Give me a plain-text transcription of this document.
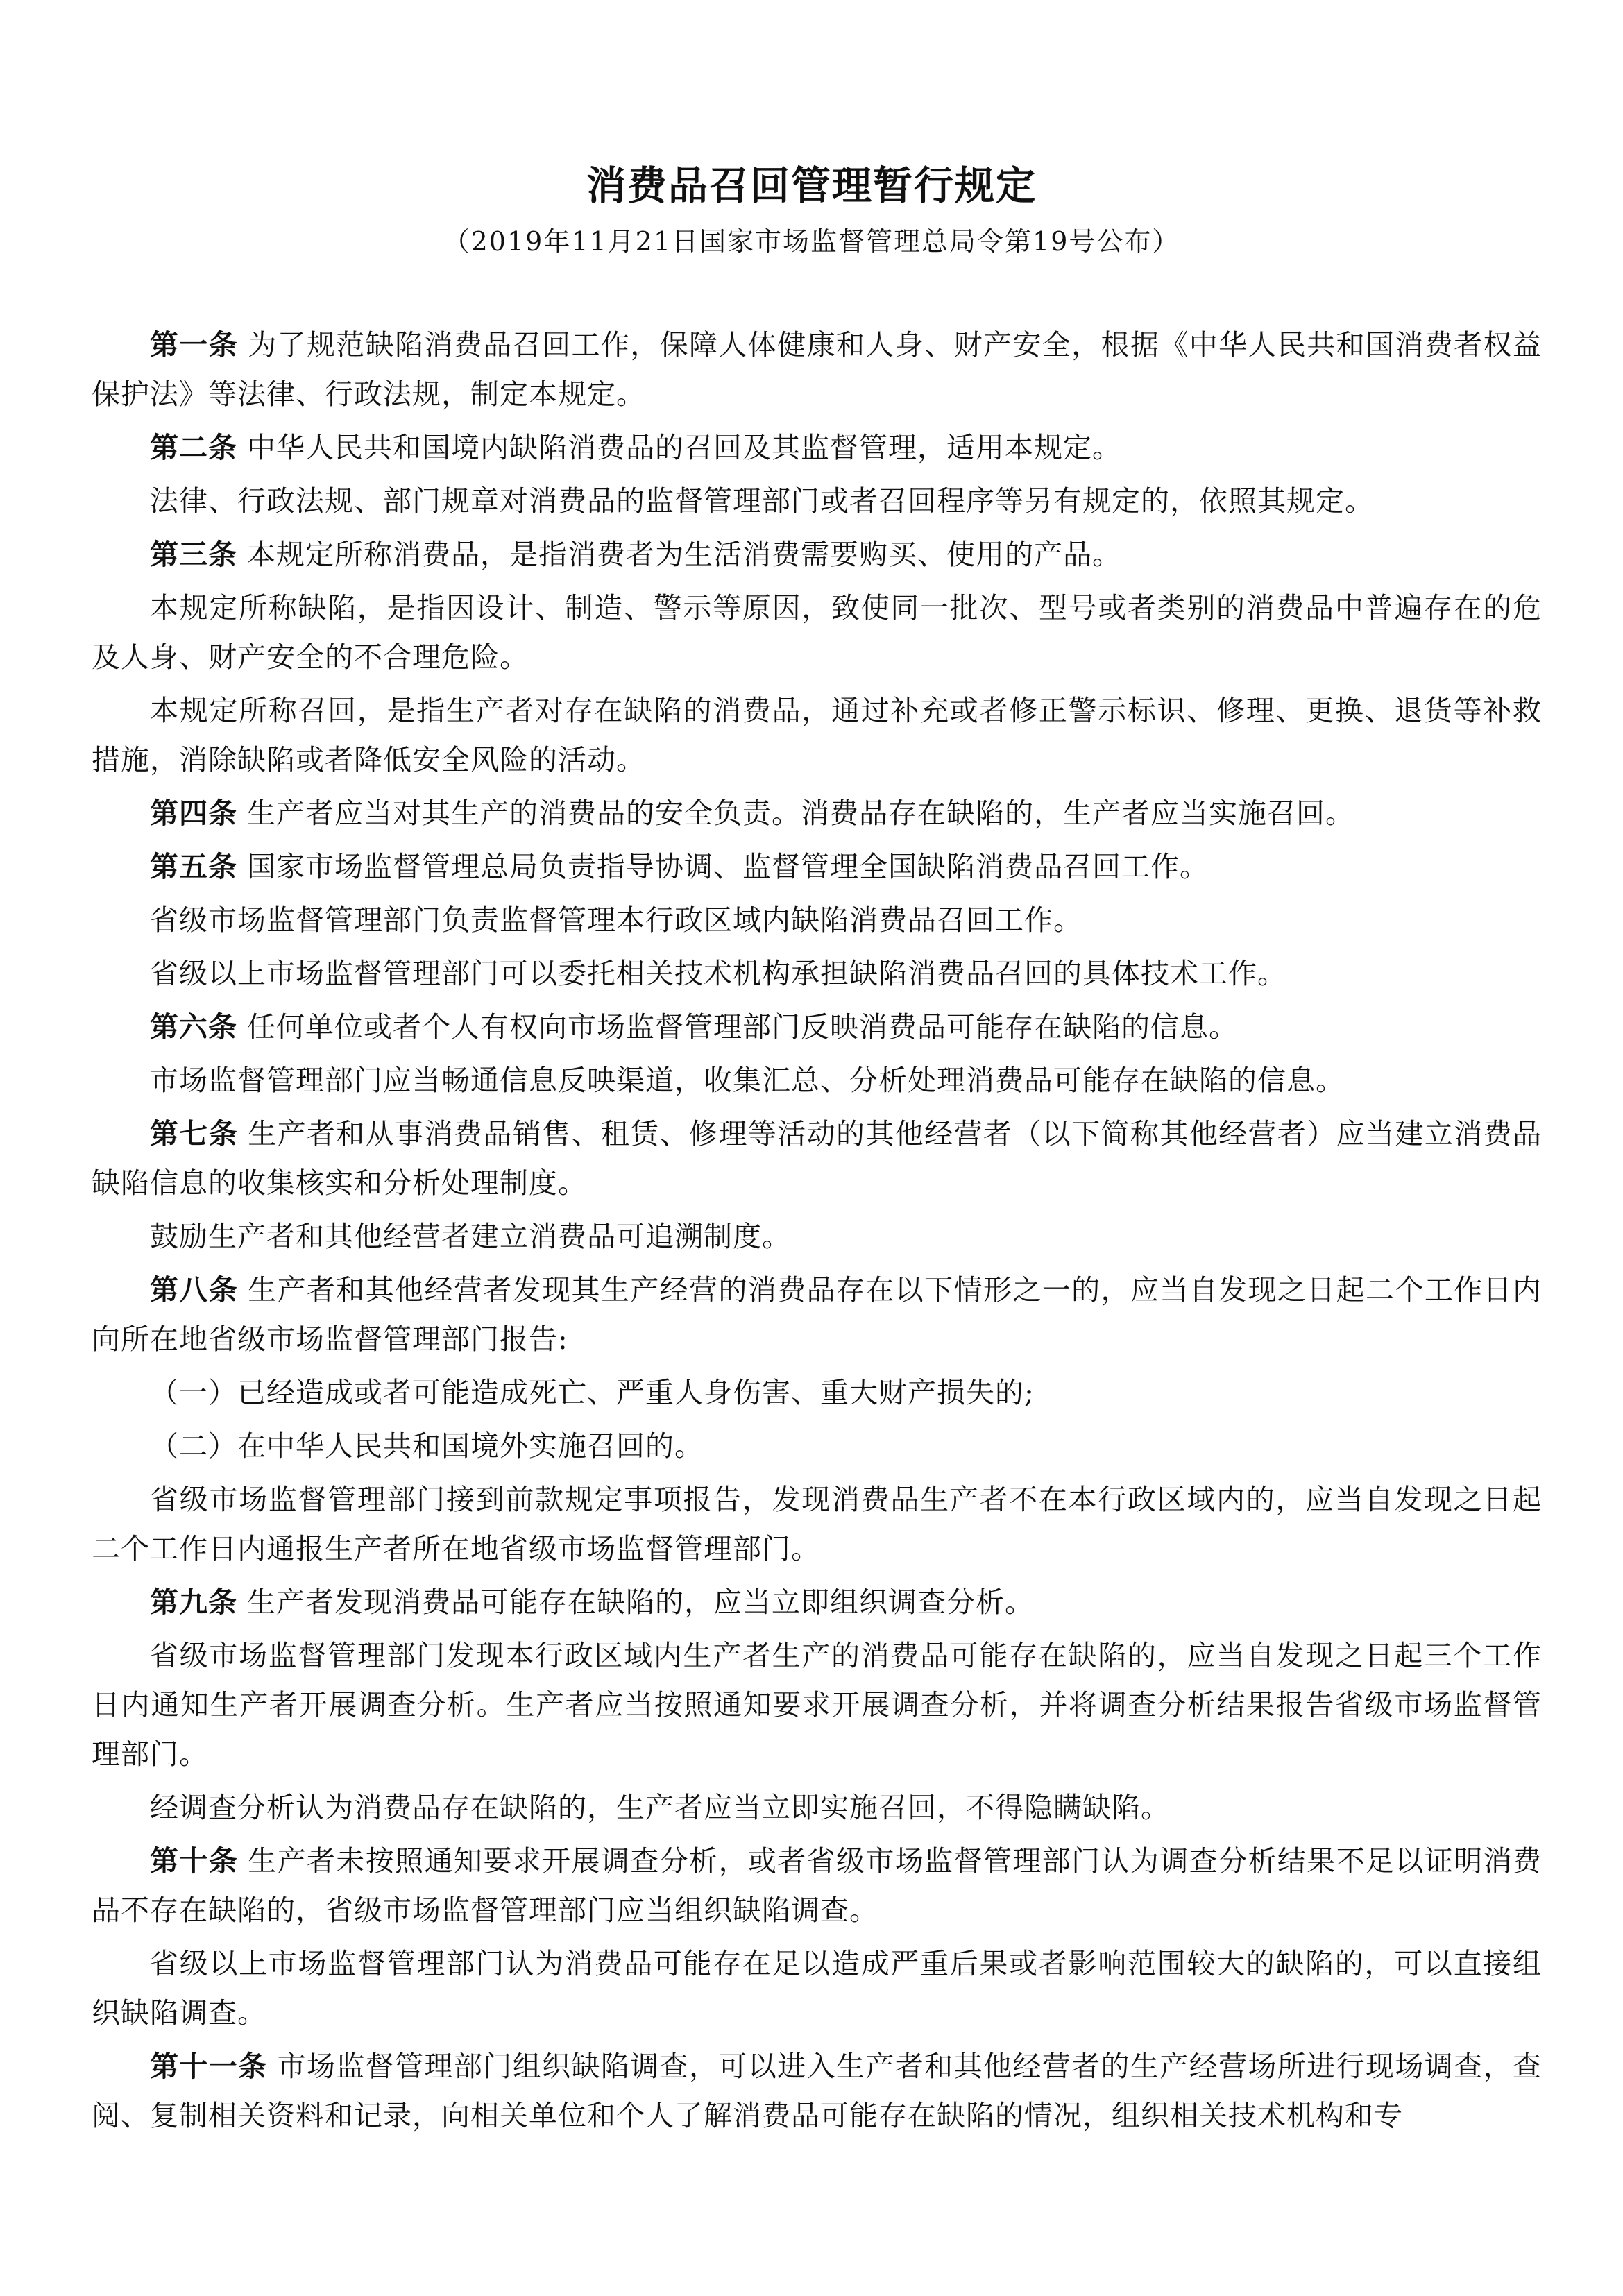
消费品召回管理暂行规定
（2019年11月21日国家市场监督管理总局令第19号公布）

第一条 为了规范缺陷消费品召回工作，保障人体健康和人身、财产安全，根据《中华人民共和国消费者权益保护法》等法律、行政法规，制定本规定。

第二条 中华人民共和国境内缺陷消费品的召回及其监督管理，适用本规定。

法律、行政法规、部门规章对消费品的监督管理部门或者召回程序等另有规定的，依照其规定。

第三条 本规定所称消费品，是指消费者为生活消费需要购买、使用的产品。

本规定所称缺陷，是指因设计、制造、警示等原因，致使同一批次、型号或者类别的消费品中普遍存在的危及人身、财产安全的不合理危险。

本规定所称召回，是指生产者对存在缺陷的消费品，通过补充或者修正警示标识、修理、更换、退货等补救措施，消除缺陷或者降低安全风险的活动。

第四条 生产者应当对其生产的消费品的安全负责。消费品存在缺陷的，生产者应当实施召回。

第五条 国家市场监督管理总局负责指导协调、监督管理全国缺陷消费品召回工作。

省级市场监督管理部门负责监督管理本行政区域内缺陷消费品召回工作。

省级以上市场监督管理部门可以委托相关技术机构承担缺陷消费品召回的具体技术工作。

第六条 任何单位或者个人有权向市场监督管理部门反映消费品可能存在缺陷的信息。

市场监督管理部门应当畅通信息反映渠道，收集汇总、分析处理消费品可能存在缺陷的信息。

第七条 生产者和从事消费品销售、租赁、修理等活动的其他经营者（以下简称其他经营者）应当建立消费品缺陷信息的收集核实和分析处理制度。

鼓励生产者和其他经营者建立消费品可追溯制度。

第八条 生产者和其他经营者发现其生产经营的消费品存在以下情形之一的，应当自发现之日起二个工作日内向所在地省级市场监督管理部门报告:

（一）已经造成或者可能造成死亡、严重人身伤害、重大财产损失的;

（二）在中华人民共和国境外实施召回的。

省级市场监督管理部门接到前款规定事项报告，发现消费品生产者不在本行政区域内的，应当自发现之日起二个工作日内通报生产者所在地省级市场监督管理部门。

第九条 生产者发现消费品可能存在缺陷的，应当立即组织调查分析。

省级市场监督管理部门发现本行政区域内生产者生产的消费品可能存在缺陷的，应当自发现之日起三个工作日内通知生产者开展调查分析。生产者应当按照通知要求开展调查分析，并将调查分析结果报告省级市场监督管理部门。

经调查分析认为消费品存在缺陷的，生产者应当立即实施召回，不得隐瞒缺陷。

第十条 生产者未按照通知要求开展调查分析，或者省级市场监督管理部门认为调查分析结果不足以证明消费品不存在缺陷的，省级市场监督管理部门应当组织缺陷调查。

省级以上市场监督管理部门认为消费品可能存在足以造成严重后果或者影响范围较大的缺陷的，可以直接组织缺陷调查。

第十一条 市场监督管理部门组织缺陷调查，可以进入生产者和其他经营者的生产经营场所进行现场调查，查阅、复制相关资料和记录，向相关单位和个人了解消费品可能存在缺陷的情况，组织相关技术机构和专
